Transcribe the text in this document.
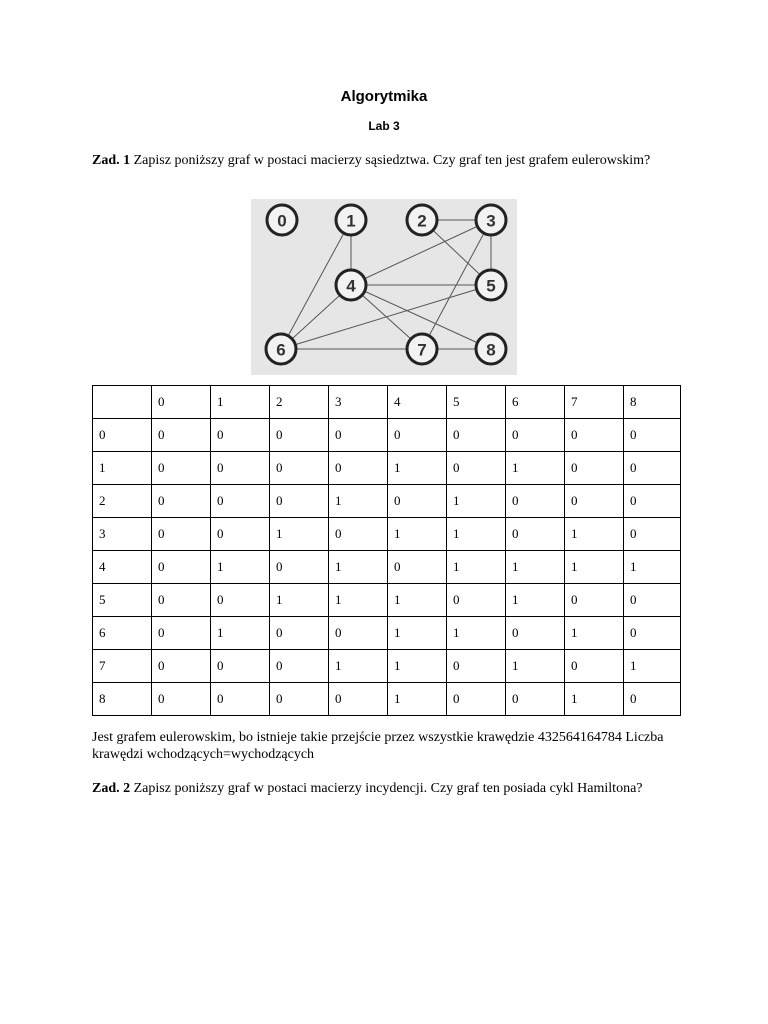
Algorytmika
Lab 3
Zad. 1 Zapisz poniższy graf w postaci macierzy sąsiedztwa. Czy graf ten jest grafem eulerowskim?
0	1	2	3
4	5
6	7	8
	0	1	2	3	4	5	6	7	8
0	0	0	0	0	0	0	0	0	0
1	0	0	0	0	1	0	1	0	0
2	0	0	0	1	0	1	0	0	0
3	0	0	1	0	1	1	0	1	0
4	0	1	0	1	0	1	1	1	1
5	0	0	1	1	1	0	1	0	0
6	0	1	0	0	1	1	0	1	0
7	0	0	0	1	1	0	1	0	1
8	0	0	0	0	1	0	0	1	0
Jest grafem eulerowskim, bo istnieje takie przejście przez wszystkie krawędzie 432564164784 Liczba krawędzi wchodzących=wychodzących
Zad. 2 Zapisz poniższy graf w postaci macierzy incydencji. Czy graf ten posiada cykl Hamiltona?
